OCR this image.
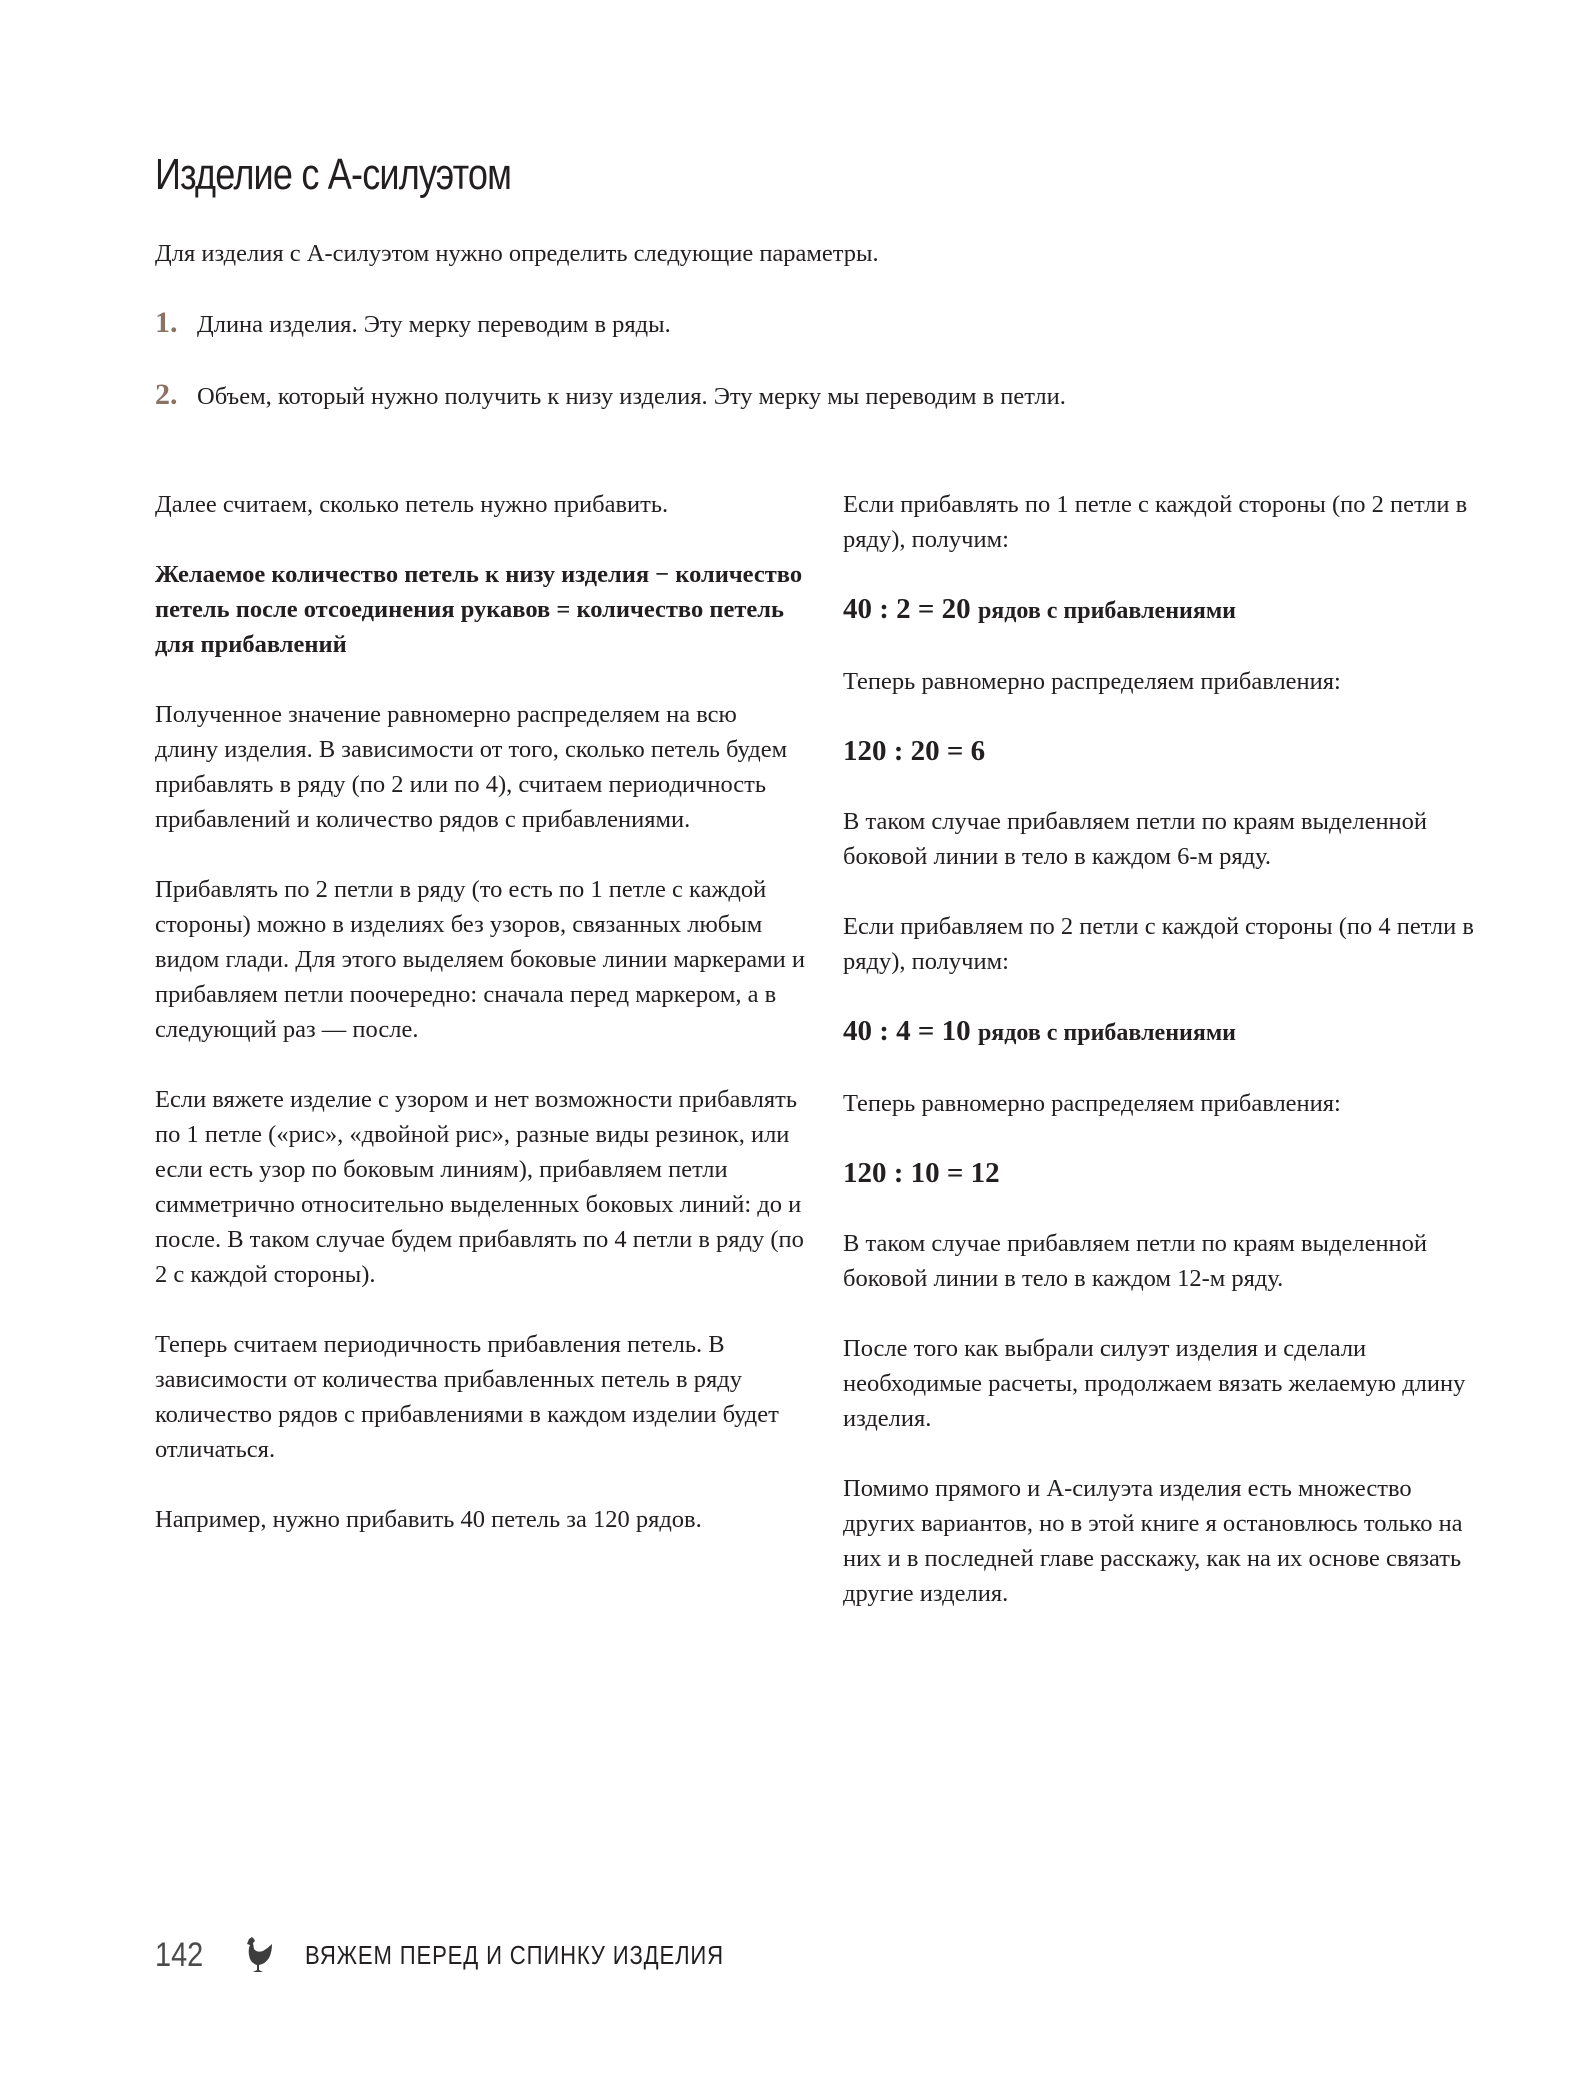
Изделие с А-силуэтом

Для изделия с А-силуэтом нужно определить следующие параметры.

1. Длина изделия. Эту мерку переводим в ряды.
2. Объем, который нужно получить к низу изделия. Эту мерку мы переводим в петли.

Далее считаем, сколько петель нужно прибавить.

Желаемое количество петель к низу изделия − количество петель после отсоединения рукавов = количество петель для прибавлений

Полученное значение равномерно распределяем на всю длину изделия. В зависимости от того, сколько петель будем прибавлять в ряду (по 2 или по 4), считаем периодичность прибавлений и количество рядов с прибавлениями.

Прибавлять по 2 петли в ряду (то есть по 1 петле с каждой стороны) можно в изделиях без узоров, связанных любым видом глади. Для этого выделяем боковые линии маркерами и прибавляем петли поочередно: сначала перед маркером, а в следующий раз — после.

Если вяжете изделие с узором и нет возможности прибавлять по 1 петле («рис», «двойной рис», разные виды резинок, или если есть узор по боковым линиям), прибавляем петли симметрично относительно выделенных боковых линий: до и после. В таком случае будем прибавлять по 4 петли в ряду (по 2 с каждой стороны).

Теперь считаем периодичность прибавления петель. В зависимости от количества прибавленных петель в ряду количество рядов с прибавлениями в каждом изделии будет отличаться.

Например, нужно прибавить 40 петель за 120 рядов.

Если прибавлять по 1 петле с каждой стороны (по 2 петли в ряду), получим:

40 : 2 = 20 рядов с прибавлениями

Теперь равномерно распределяем прибавления:

120 : 20 = 6

В таком случае прибавляем петли по краям выделенной боковой линии в тело в каждом 6-м ряду.

Если прибавляем по 2 петли с каждой стороны (по 4 петли в ряду), получим:

40 : 4 = 10 рядов с прибавлениями

Теперь равномерно распределяем прибавления:

120 : 10 = 12

В таком случае прибавляем петли по краям выделенной боковой линии в тело в каждом 12-м ряду.

После того как выбрали силуэт изделия и сделали необходимые расчеты, продолжаем вязать желаемую длину изделия.

Помимо прямого и А-силуэта изделия есть множество других вариантов, но в этой книге я остановлюсь только на них и в последней главе расскажу, как на их основе связать другие изделия.

142	ВЯЖЕМ ПЕРЕД И СПИНКУ ИЗДЕЛИЯ
